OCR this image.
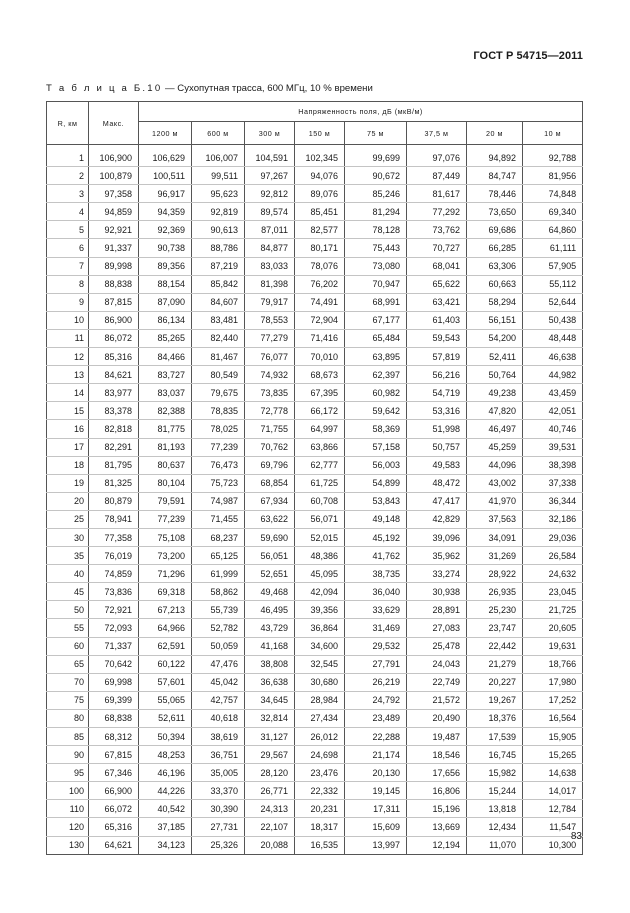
ГОСТ Р 54715—2011
Т а б л и ц а Б.10 — Сухопутная трасса, 600 МГц, 10 % времени
R, км	Макс.	Напряженность поля, дБ (мкВ/м)							
		1200 м	600 м	300 м	150 м	75 м	37,5 м	20 м	10 м

1	106,900	106,629	106,007	104,591	102,345	99,699	97,076	94,892	92,788
2	100,879	100,511	99,511	97,267	94,076	90,672	87,449	84,747	81,956
3	97,358	96,917	95,623	92,812	89,076	85,246	81,617	78,446	74,848
4	94,859	94,359	92,819	89,574	85,451	81,294	77,292	73,650	69,340
5	92,921	92,369	90,613	87,011	82,577	78,128	73,762	69,686	64,860
6	91,337	90,738	88,786	84,877	80,171	75,443	70,727	66,285	61,111
7	89,998	89,356	87,219	83,033	78,076	73,080	68,041	63,306	57,905
8	88,838	88,154	85,842	81,398	76,202	70,947	65,622	60,663	55,112
9	87,815	87,090	84,607	79,917	74,491	68,991	63,421	58,294	52,644
10	86,900	86,134	83,481	78,553	72,904	67,177	61,403	56,151	50,438
11	86,072	85,265	82,440	77,279	71,416	65,484	59,543	54,200	48,448
12	85,316	84,466	81,467	76,077	70,010	63,895	57,819	52,411	46,638
13	84,621	83,727	80,549	74,932	68,673	62,397	56,216	50,764	44,982
14	83,977	83,037	79,675	73,835	67,395	60,982	54,719	49,238	43,459
15	83,378	82,388	78,835	72,778	66,172	59,642	53,316	47,820	42,051
16	82,818	81,775	78,025	71,755	64,997	58,369	51,998	46,497	40,746
17	82,291	81,193	77,239	70,762	63,866	57,158	50,757	45,259	39,531
18	81,795	80,637	76,473	69,796	62,777	56,003	49,583	44,096	38,398
19	81,325	80,104	75,723	68,854	61,725	54,899	48,472	43,002	37,338
20	80,879	79,591	74,987	67,934	60,708	53,843	47,417	41,970	36,344
25	78,941	77,239	71,455	63,622	56,071	49,148	42,829	37,563	32,186
30	77,358	75,108	68,237	59,690	52,015	45,192	39,096	34,091	29,036
35	76,019	73,200	65,125	56,051	48,386	41,762	35,962	31,269	26,584
40	74,859	71,296	61,999	52,651	45,095	38,735	33,274	28,922	24,632
45	73,836	69,318	58,862	49,468	42,094	36,040	30,938	26,935	23,045
50	72,921	67,213	55,739	46,495	39,356	33,629	28,891	25,230	21,725
55	72,093	64,966	52,782	43,729	36,864	31,469	27,083	23,747	20,605
60	71,337	62,591	50,059	41,168	34,600	29,532	25,478	22,442	19,631
65	70,642	60,122	47,476	38,808	32,545	27,791	24,043	21,279	18,766
70	69,998	57,601	45,042	36,638	30,680	26,219	22,749	20,227	17,980
75	69,399	55,065	42,757	34,645	28,984	24,792	21,572	19,267	17,252
80	68,838	52,611	40,618	32,814	27,434	23,489	20,490	18,376	16,564
85	68,312	50,394	38,619	31,127	26,012	22,288	19,487	17,539	15,905
90	67,815	48,253	36,751	29,567	24,698	21,174	18,546	16,745	15,265
95	67,346	46,196	35,005	28,120	23,476	20,130	17,656	15,982	14,638
100	66,900	44,226	33,370	26,771	22,332	19,145	16,806	15,244	14,017
110	66,072	40,542	30,390	24,313	20,231	17,311	15,196	13,818	12,784
120	65,316	37,185	27,731	22,107	18,317	15,609	13,669	12,434	11,547
130	64,621	34,123	25,326	20,088	16,535	13,997	12,194	11,070	10,300
83
